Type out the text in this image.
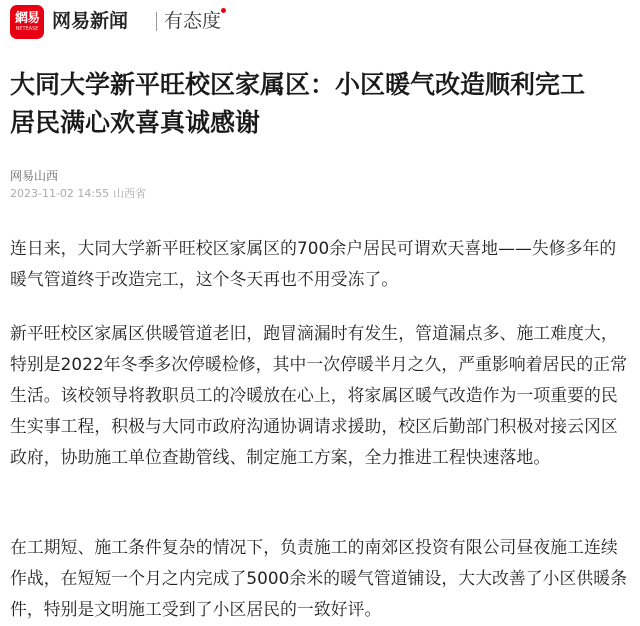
網易
NETEASE 网易新闻 有态度
大同大学新平旺校区家属区：小区暖气改造顺利完工
居民满心欢喜真诚感谢
网易山西
2023-11-02 14:55 山西省

连日来，大同大学新平旺校区家属区的700余户居民可谓欢天喜地——失修多年的暖气管道终于改造完工，这个冬天再也不用受冻了。

新平旺校区家属区供暖管道老旧，跑冒滴漏时有发生，管道漏点多、施工难度大，特别是2022年冬季多次停暖检修，其中一次停暖半月之久，严重影响着居民的正常生活。该校领导将教职员工的冷暖放在心上，将家属区暖气改造作为一项重要的民生实事工程，积极与大同市政府沟通协调请求援助，校区后勤部门积极对接云冈区政府，协助施工单位查勘管线、制定施工方案，全力推进工程快速落地。

在工期短、施工条件复杂的情况下，负责施工的南郊区投资有限公司昼夜施工连续作战，在短短一个月之内完成了5000余米的暖气管道铺设，大大改善了小区供暖条件，特别是文明施工受到了小区居民的一致好评。
